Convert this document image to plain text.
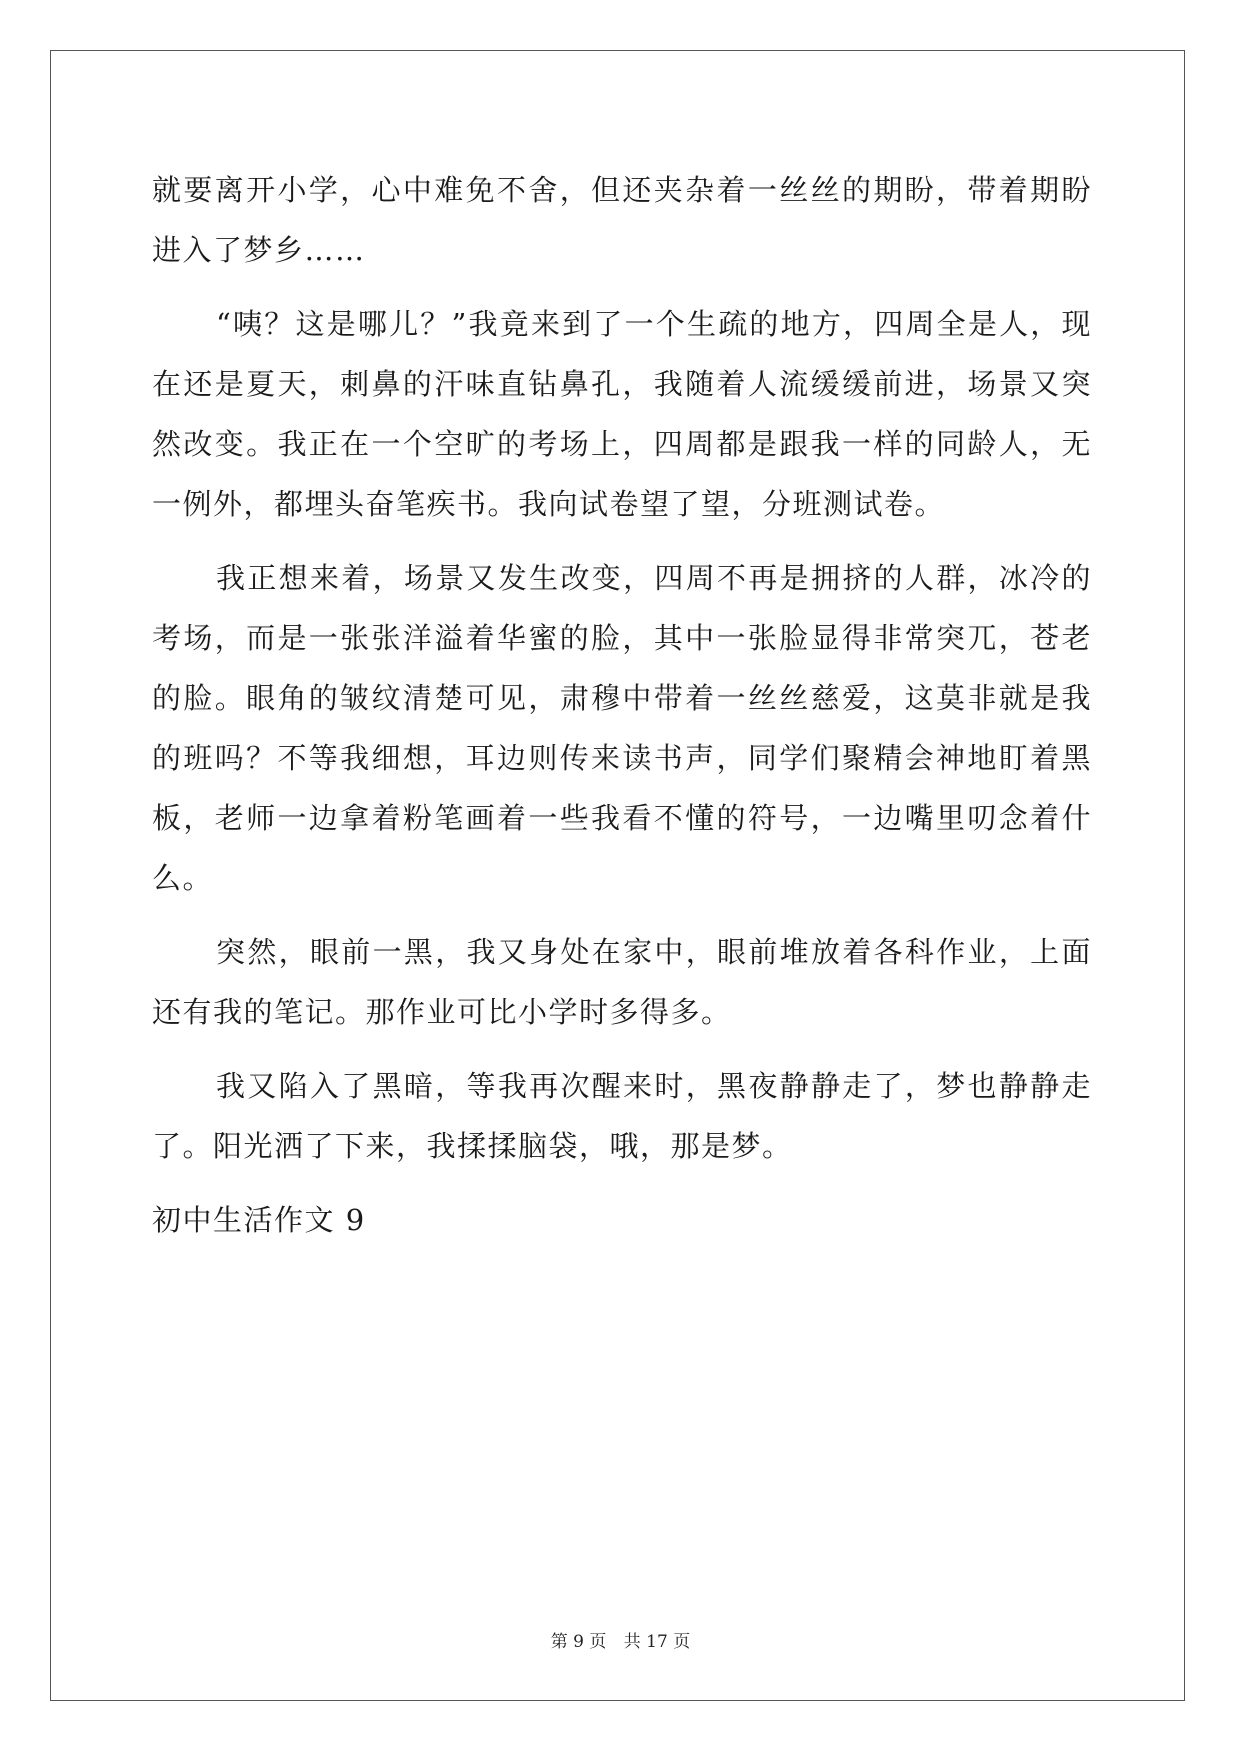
就要离开小学，心中难免不舍，但还夹杂着一丝丝的期盼，带着期盼进入了梦乡……

“咦？这是哪儿？”我竟来到了一个生疏的地方，四周全是人，现在还是夏天，刺鼻的汗味直钻鼻孔，我随着人流缓缓前进，场景又突然改变。我正在一个空旷的考场上，四周都是跟我一样的同龄人，无一例外，都埋头奋笔疾书。我向试卷望了望，分班测试卷。

我正想来着，场景又发生改变，四周不再是拥挤的人群，冰冷的考场，而是一张张洋溢着华蜜的脸，其中一张脸显得非常突兀，苍老的脸。眼角的皱纹清楚可见，肃穆中带着一丝丝慈爱，这莫非就是我的班吗？不等我细想，耳边则传来读书声，同学们聚精会神地盯着黑板，老师一边拿着粉笔画着一些我看不懂的符号，一边嘴里叨念着什么。

突然，眼前一黑，我又身处在家中，眼前堆放着各科作业，上面还有我的笔记。那作业可比小学时多得多。

我又陷入了黑暗，等我再次醒来时，黑夜静静走了，梦也静静走了。阳光洒了下来，我揉揉脑袋，哦，那是梦。

初中生活作文 9
第 9 页 共 17 页
